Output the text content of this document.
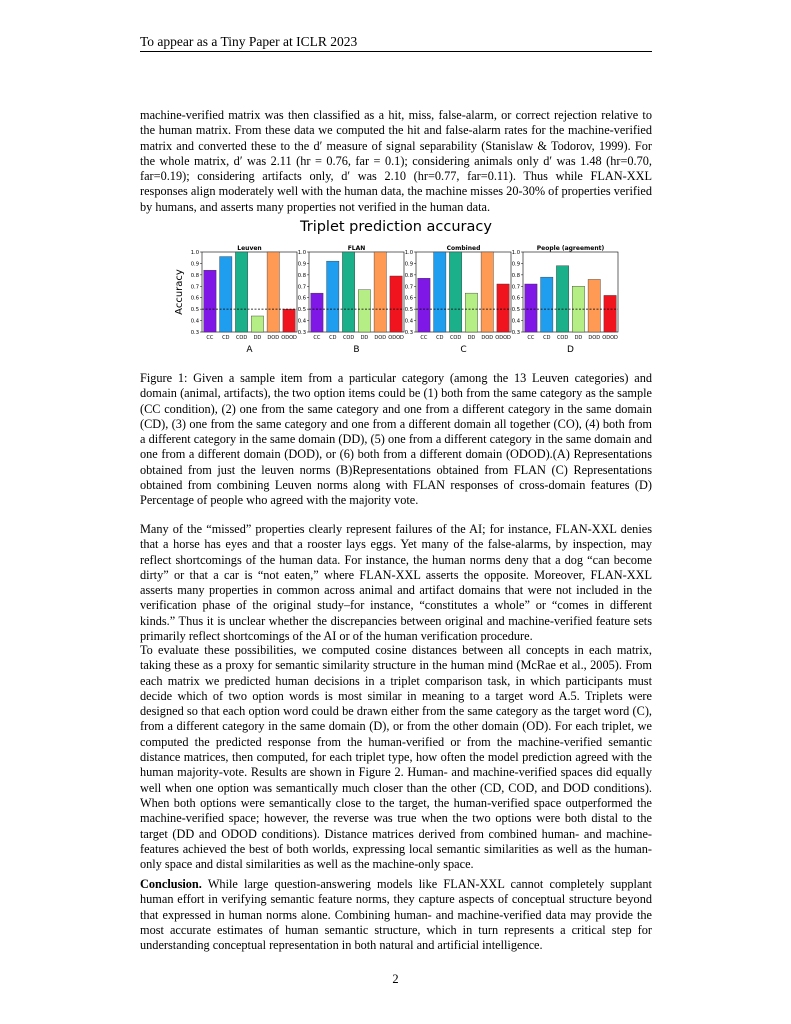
To appear as a Tiny Paper at ICLR 2023

machine-verified matrix was then classified as a hit, miss, false-alarm, or correct rejection relative to the human matrix. From these data we computed the hit and false-alarm rates for the machine-verified matrix and converted these to the d′ measure of signal separability (Stanislaw & Todorov, 1999). For the whole matrix, d′ was 2.11 (hr = 0.76, far = 0.1); considering animals only d′ was 1.48 (hr=0.70, far=0.19); considering artifacts only, d′ was 2.10 (hr=0.77, far=0.11). Thus while FLAN-XXL responses align moderately well with the human data, the machine misses 20-30% of properties verified by humans, and asserts many properties not verified in the human data.

Triplet prediction accuracy
Accuracy
0.3
0.4
0.5
0.6
0.7
0.8
0.9
1.0
CC CD COD DD DOD ODOD
Leuven
A
0.3
0.4
0.5
0.6
0.7
0.8
0.9
1.0
CC CD COD DD DOD ODOD
FLAN
B
0.3
0.4
0.5
0.6
0.7
0.8
0.9
1.0
CC CD COD DD DOD ODOD
Combined
C
0.3
0.4
0.5
0.6
0.7
0.8
0.9
1.0
CC CD COD DD DOD ODOD
People (agreement)
D

Figure 1: Given a sample item from a particular category (among the 13 Leuven categories) and domain (animal, artifacts), the two option items could be (1) both from the same category as the sample (CC condition), (2) one from the same category and one from a different category in the same domain (CD), (3) one from the same category and one from a different domain all together (CO), (4) both from a different category in the same domain (DD), (5) one from a different category in the same domain and one from a different domain (DOD), or (6) both from a different domain (ODOD).(A) Representations obtained from just the leuven norms (B)Representations obtained from FLAN (C) Representations obtained from combining Leuven norms along with FLAN responses of cross-domain features (D) Percentage of people who agreed with the majority vote.

Many of the “missed” properties clearly represent failures of the AI; for instance, FLAN-XXL denies that a horse has eyes and that a rooster lays eggs. Yet many of the false-alarms, by inspection, may reflect shortcomings of the human data. For instance, the human norms deny that a dog “can become dirty” or that a car is “not eaten,” where FLAN-XXL asserts the opposite. Moreover, FLAN-XXL asserts many properties in common across animal and artifact domains that were not included in the verification phase of the original study–for instance, “constitutes a whole” or “comes in different kinds.” Thus it is unclear whether the discrepancies between original and machine-verified feature sets primarily reflect shortcomings of the AI or of the human verification procedure.

To evaluate these possibilities, we computed cosine distances between all concepts in each matrix, taking these as a proxy for semantic similarity structure in the human mind (McRae et al., 2005). From each matrix we predicted human decisions in a triplet comparison task, in which participants must decide which of two option words is most similar in meaning to a target word A.5. Triplets were designed so that each option word could be drawn either from the same category as the target word (C), from a different category in the same domain (D), or from the other domain (OD). For each triplet, we computed the predicted response from the human-verified or from the machine-verified semantic distance matrices, then computed, for each triplet type, how often the model prediction agreed with the human majority-vote. Results are shown in Figure 2. Human- and machine-verified spaces did equally well when one option was semantically much closer than the other (CD, COD, and DOD conditions). When both options were semantically close to the target, the human-verified space outperformed the machine-verified space; however, the reverse was true when the two options were both distal to the target (DD and ODOD conditions). Distance matrices derived from combined human- and machine-features achieved the best of both worlds, expressing local semantic similarities as well as the human-only space and distal similarities as well as the machine-only space.

Conclusion. While large question-answering models like FLAN-XXL cannot completely supplant human effort in verifying semantic feature norms, they capture aspects of conceptual structure beyond that expressed in human norms alone. Combining human- and machine-verified data may provide the most accurate estimates of human semantic structure, which in turn represents a critical step for understanding conceptual representation in both natural and artificial intelligence.

2
